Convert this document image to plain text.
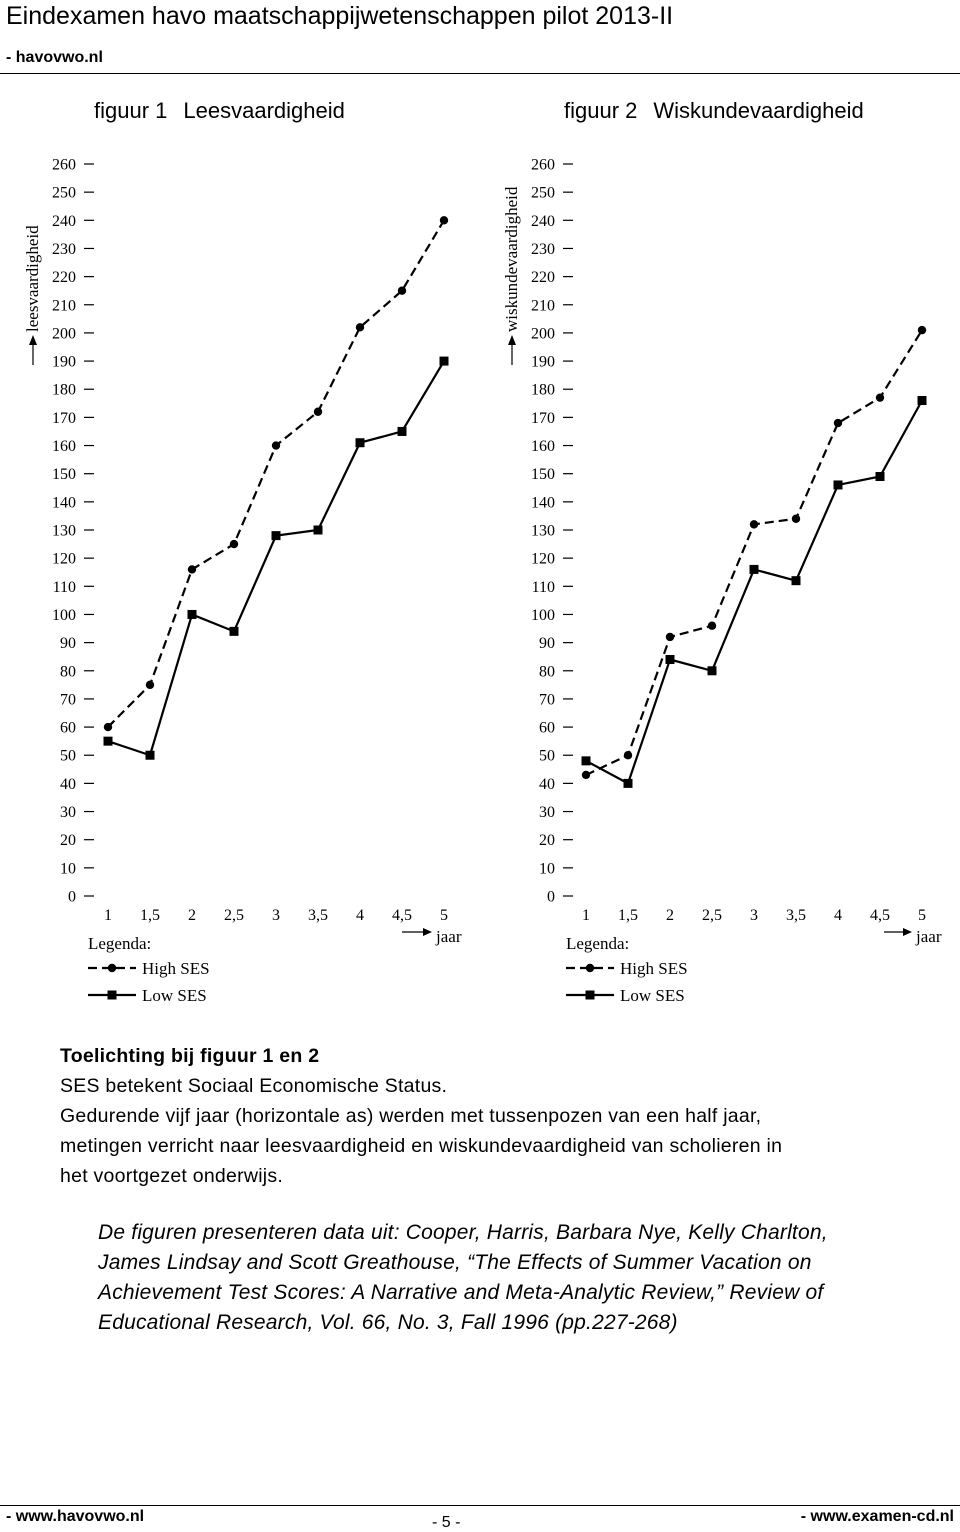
Eindexamen havo maatschappijwetenschappen pilot 2013-II
- havovwo.nl
figuur 1 Leesvaardigheid	figuur 2 Wiskundevaardigheid
0
10
20
30
40
50
60
70
80
90
100
110
120
130
140
150
160
170
180
190
200
210
220
230
240
250
260
1 1,5 2 2,5 3 3,5 4 4,5 5
leesvaardigheid
jaar
Legenda:
High SES
Low SES
0
10
20
30
40
50
60
70
80
90
100
110
120
130
140
150
160
170
180
190
200
210
220
230
240
250
260
1 1,5 2 2,5 3 3,5 4 4,5 5
wiskundevaardigheid
jaar
Legenda:
High SES
Low SES

Toelichting bij figuur 1 en 2

SES betekent Sociaal Economische Status.

Gedurende vijf jaar (horizontale as) werden met tussenpozen van een half jaar,

metingen verricht naar leesvaardigheid en wiskundevaardigheid van scholieren in

het voortgezet onderwijs.

De figuren presenteren data uit: Cooper, Harris, Barbara Nye, Kelly Charlton,

James Lindsay and Scott Greathouse, “The Effects of Summer Vacation on

Achievement Test Scores: A Narrative and Meta-Analytic Review,” Review of

Educational Research, Vol. 66, No. 3, Fall 1996 (pp.227-268)

- www.havovwo.nl	- 5 -	- www.examen-cd.nl
